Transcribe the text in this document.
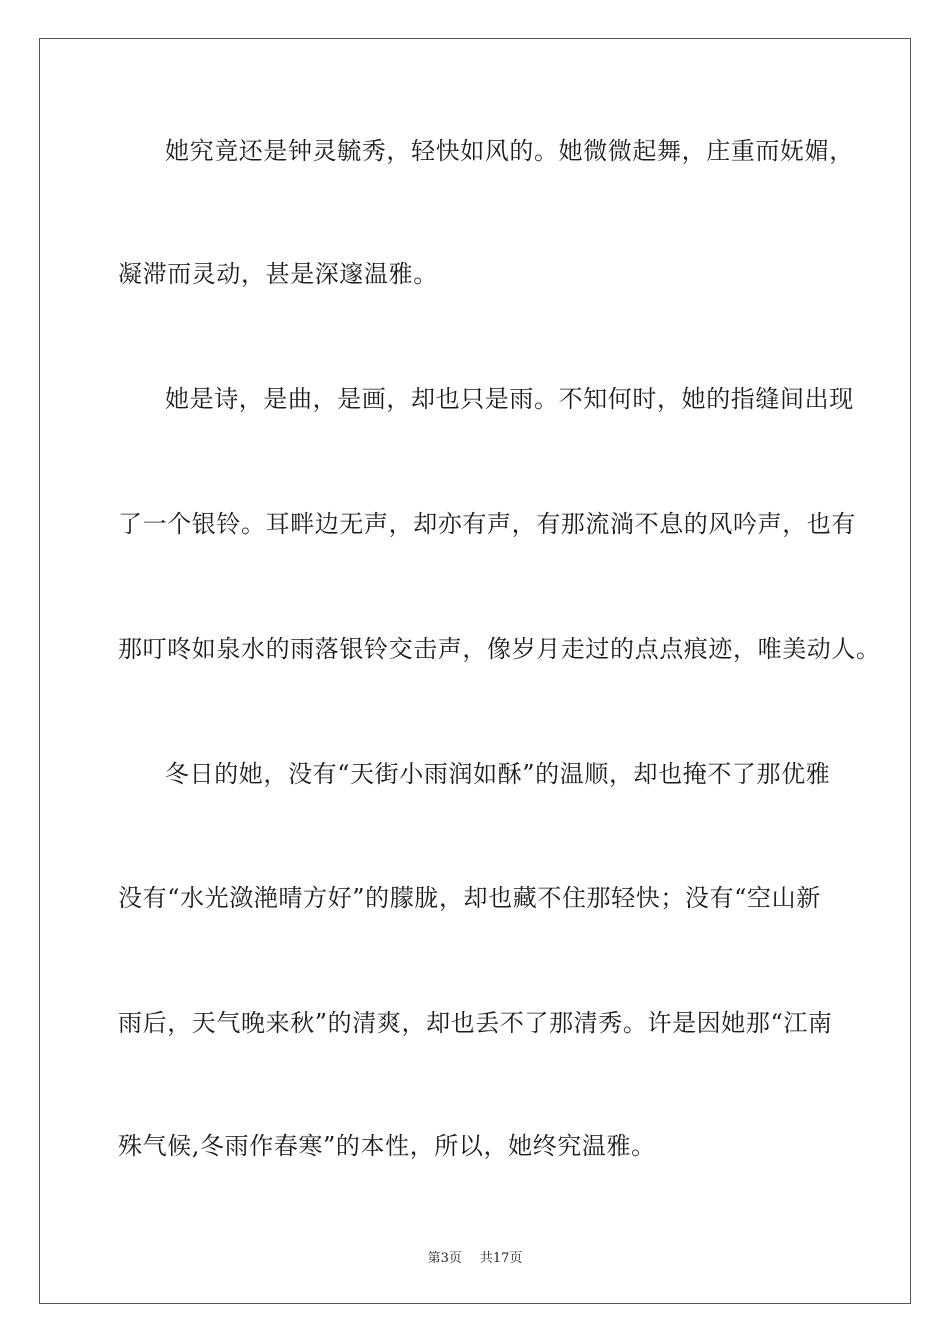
她究竟还是钟灵毓秀，轻快如风的。她微微起舞，庄重而妩媚，
凝滞而灵动，甚是深邃温雅。
她是诗，是曲，是画，却也只是雨。不知何时，她的指缝间出现
了一个银铃。耳畔边无声，却亦有声，有那流淌不息的风吟声，也有
那叮咚如泉水的雨落银铃交击声，像岁月走过的点点痕迹，唯美动人。
冬日的她，没有“天街小雨润如酥”的温顺，却也掩不了那优雅
没有“水光潋滟晴方好”的朦胧，却也藏不住那轻快；没有“空山新
雨后，天气晚来秋”的清爽，却也丢不了那清秀。许是因她那“江南
殊气候,冬雨作春寒”的本性，所以，她终究温雅。
第3页 共17页
